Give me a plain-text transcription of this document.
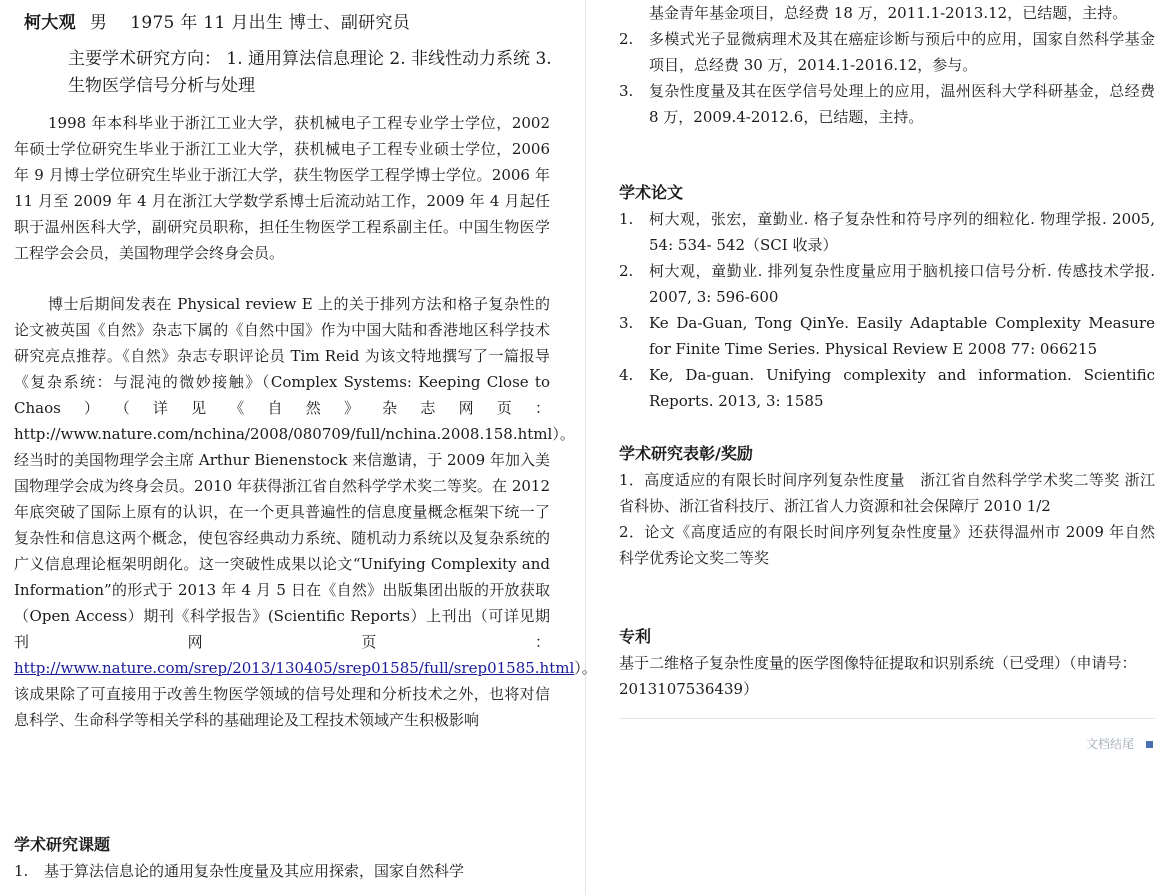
柯大观 男　 1975 年 11 月出生 博士、副研究员

主要学术研究方向： 1. 通用算法信息理论 2. 非线性动力系统 3. 生物医学信号分析与处理

1998 年本科毕业于浙江工业大学，获机械电子工程专业学士学位，2002 年硕士学位研究生毕业于浙江工业大学，获机械电子工程专业硕士学位，2006 年 9 月博士学位研究生毕业于浙江大学，获生物医学工程学博士学位。2006 年 11 月至 2009 年 4 月在浙江大学数学系博士后流动站工作，2009 年 4 月起任职于温州医科大学，副研究员职称，担任生物医学工程系副主任。中国生物医学工程学会会员，美国物理学会终身会员。

博士后期间发表在 Physical review E 上的关于排列方法和格子复杂性的论文被英国《自然》杂志下属的《自然中国》作为中国大陆和香港地区科学技术研究亮点推荐。《自然》杂志专职评论员 Tim Reid 为该文特地撰写了一篇报导 《复杂系统：与混沌的微妙接触》（Complex Systems: Keeping Close to Chaos）（详见《自然》杂志网页：http://www.nature.com/nchina/2008/080709/full/nchina.2008.158.html）。经当时的美国物理学会主席 Arthur Bienenstock 来信邀请，于 2009 年加入美国物理学会成为终身会员。2010 年获得浙江省自然科学学术奖二等奖。在 2012 年底突破了国际上原有的认识，在一个更具普遍性的信息度量概念框架下统一了复杂性和信息这两个概念，使包容经典动力系统、随机动力系统以及复杂系统的广义信息理论框架明朗化。这一突破性成果以论文“Unifying Complexity and Information”的形式于 2013 年 4 月 5 日在《自然》出版集团出版的开放获取（Open Access）期刊《科学报告》(Scientific Reports）上刊出（可详见期刊网页：http://www.nature.com/srep/2013/130405/srep01585/full/srep01585.html）。该成果除了可直接用于改善生物医学领域的信号处理和分析技术之外，也将对信息科学、生命科学等相关学科的基础理论及工程技术领域产生积极影响

学术研究课题

1. 基于算法信息论的通用复杂性度量及其应用探索，国家自然科学
基金青年基金项目，总经费 18 万，2011.1-2013.12，已结题，主持。
2. 多模式光子显微病理术及其在癌症诊断与预后中的应用，国家自然科学基金项目，总经费 30 万，2014.1-2016.12，参与。
3. 复杂性度量及其在医学信号处理上的应用，温州医科大学科研基金，总经费 8 万，2009.4-2012.6，已结题，主持。

学术论文

1. 柯大观，张宏，童勤业. 格子复杂性和符号序列的细粒化. 物理学报. 2005, 54: 534- 542（SCI 收录）
2. 柯大观，童勤业. 排列复杂性度量应用于脑机接口信号分析. 传感技术学报. 2007, 3: 596-600
3. Ke Da-Guan, Tong QinYe. Easily Adaptable Complexity Measure for Finite Time Series. Physical Review E 2008 77: 066215
4. Ke, Da-guan. Unifying complexity and information. Scientific Reports. 2013, 3: 1585

学术研究表彰/奖励

1．高度适应的有限长时间序列复杂性度量　浙江省自然科学学术奖二等奖 浙江省科协、浙江省科技厅、浙江省人力资源和社会保障厅 2010 1/2

2．论文《高度适应的有限长时间序列复杂性度量》还获得温州市 2009 年自然科学优秀论文奖二等奖

专利

基于二维格子复杂性度量的医学图像特征提取和识别系统（已受理）（申请号：2013107536439）

文档结尾
